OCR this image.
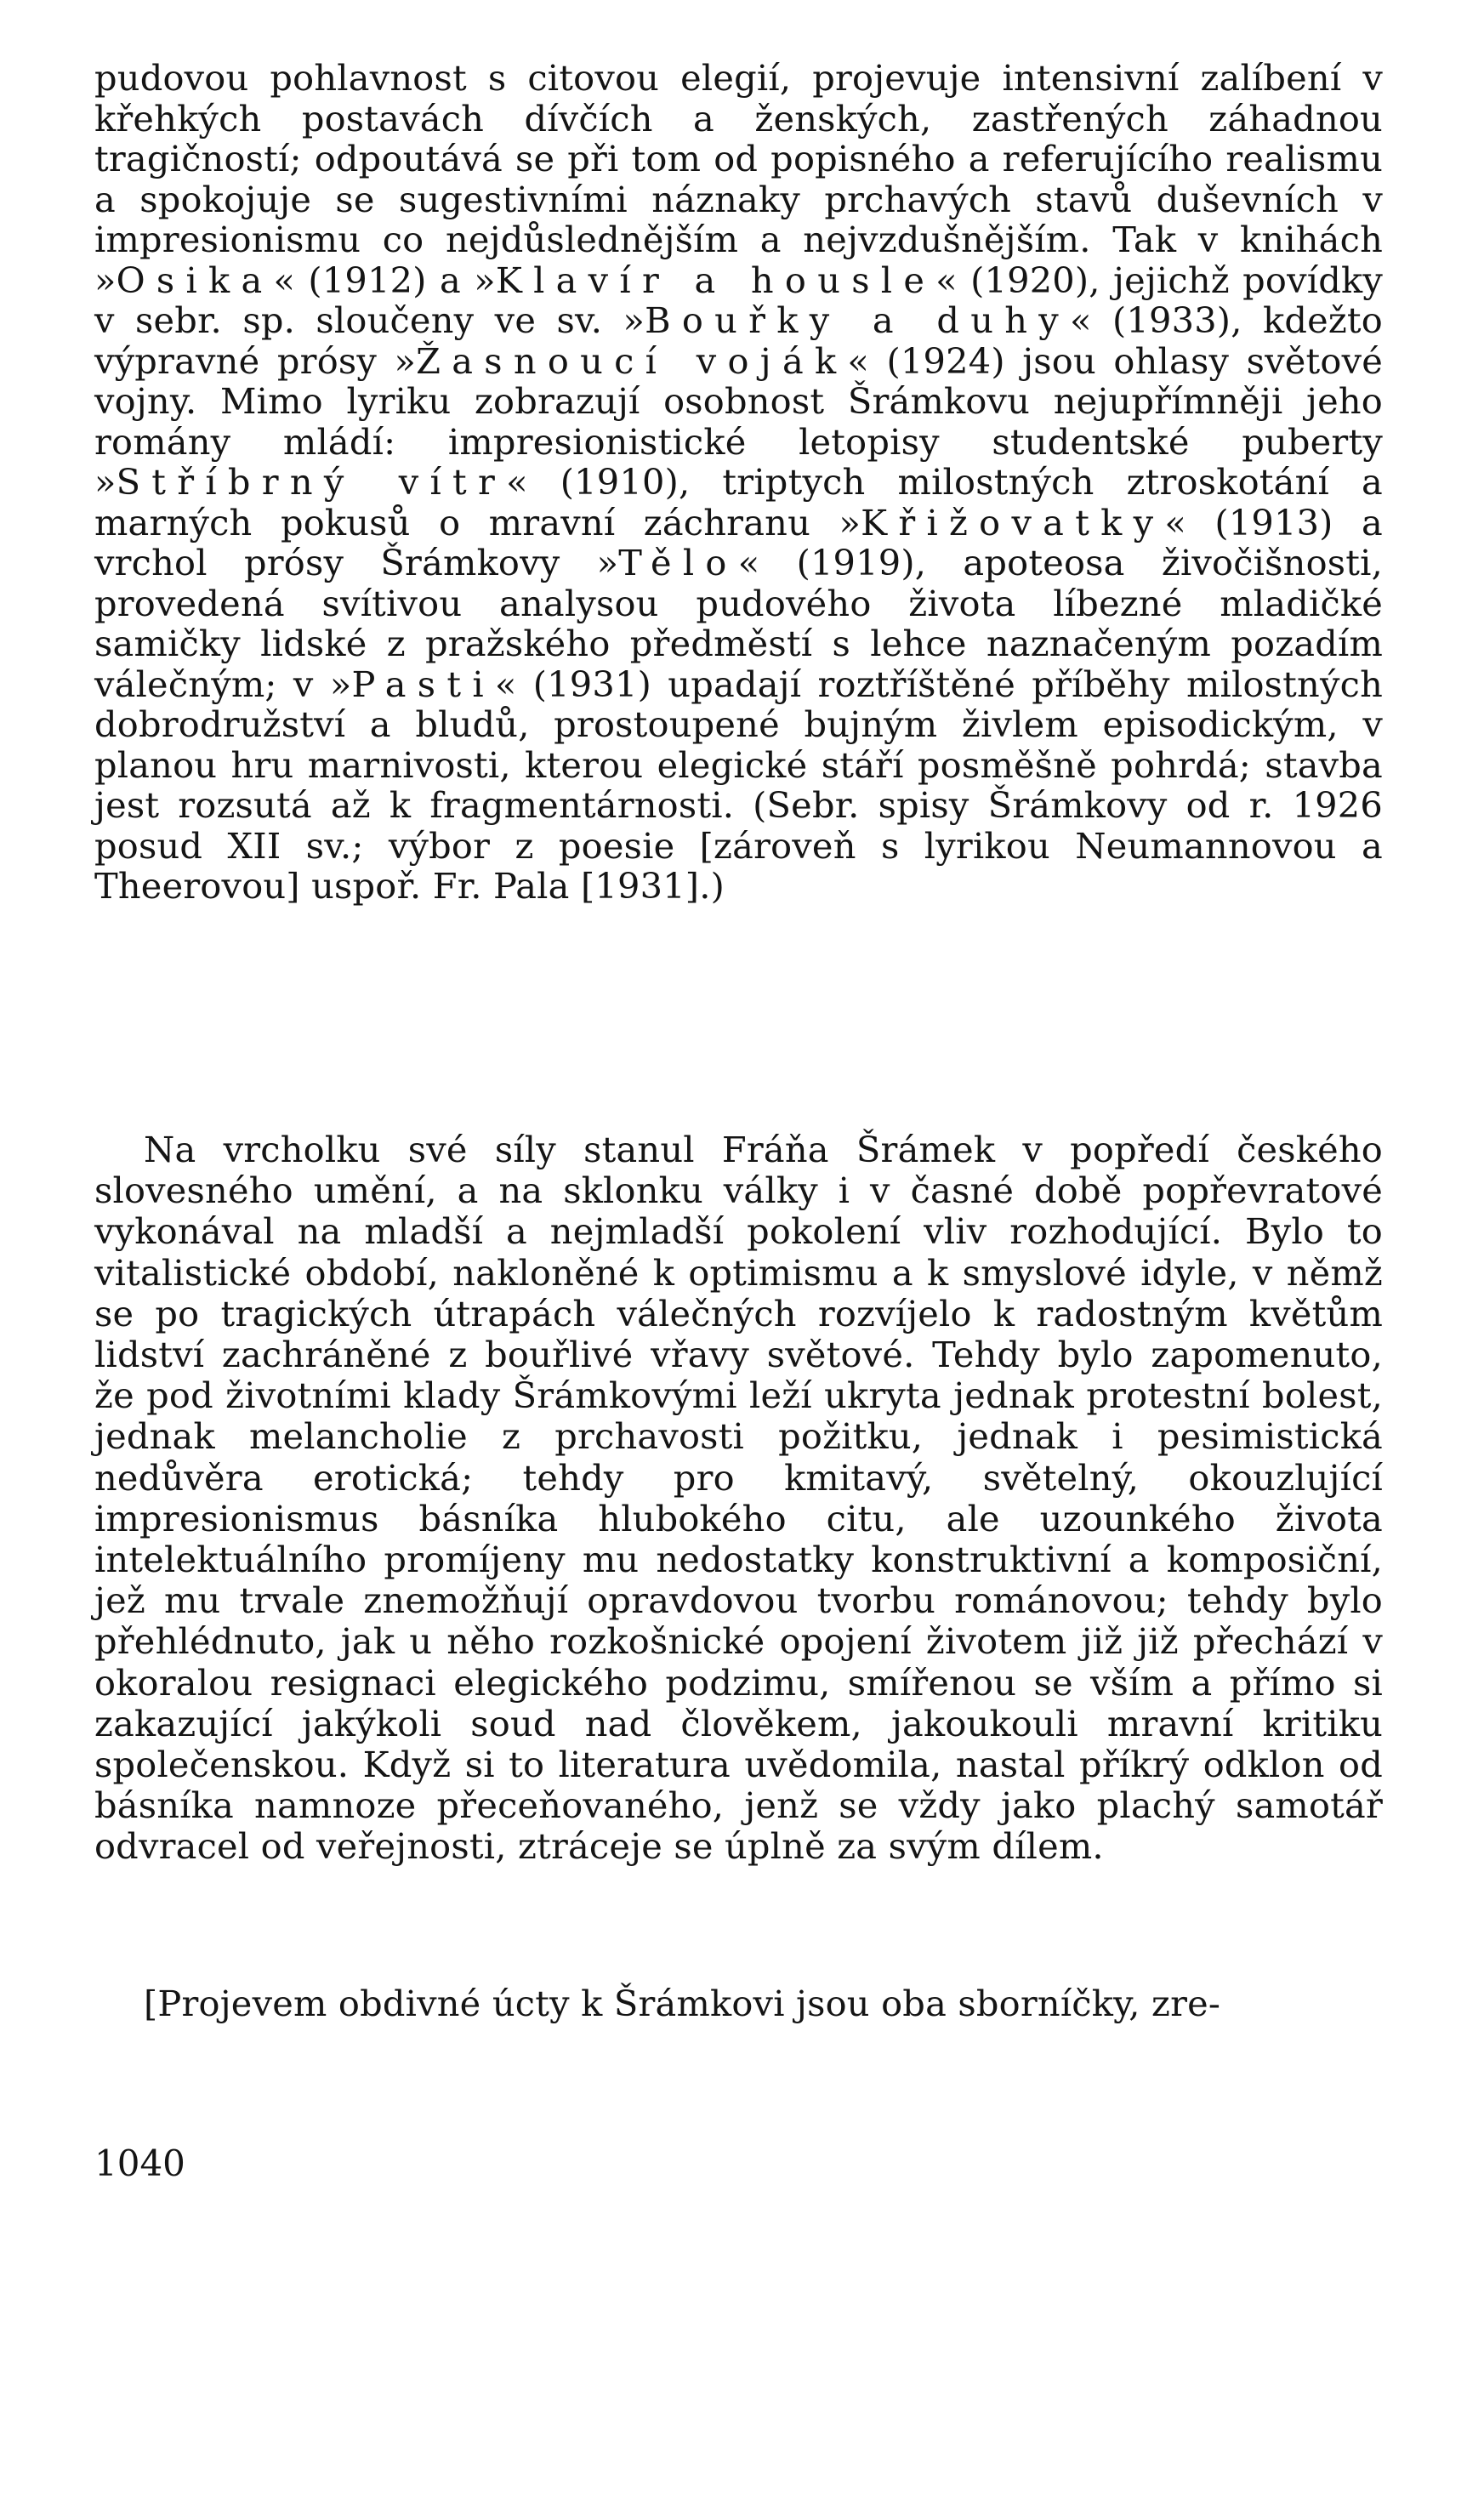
pudovou pohlavnost s citovou elegií, projevuje intensivní zalíbení v křehkých postavách dívčích a ženských, zastřených záhadnou tragičností; odpoutává se při tom od popisného a referujícího realismu a spokojuje se sugestivními náznaky prchavých stavů duševních v impresionismu co nejdůslednějším a nejvzdušnějším. Tak v knihách »Osika« (1912) a »Klavír a housle« (1920), jejichž povídky v sebr. sp. sloučeny ve sv. »Bouřky a duhy« (1933), kdežto výpravné prósy »Žasnoucí voják« (1924) jsou ohlasy světové vojny. Mimo lyriku zobrazují osobnost Šrámkovu nejupřímněji jeho romány mládí: impresionistické letopisy studentské puberty »Stříbrný vítr« (1910), triptych milostných ztroskotání a marných pokusů o mravní záchranu »Křižovatky« (1913) a vrchol prósy Šrámkovy »Tělo« (1919), apoteosa živočišnosti, provedená svítivou analysou pudového života líbezné mladičké samičky lidské z pražského předměstí s lehce naznačeným pozadím válečným; v »Pasti« (1931) upadají roztříštěné příběhy milostných dobrodružství a bludů, prostoupené bujným živlem episodickým, v planou hru marnivosti, kterou elegické stáří posměšně pohrdá; stavba jest rozsutá až k fragmentárnosti. (Sebr. spisy Šrámkovy od r. 1926 posud XII sv.; výbor z poesie [zároveň s lyrikou Neumannovou a Theerovou] uspoř. Fr. Pala [1931].)

Na vrcholku své síly stanul Fráňa Šrámek v popředí českého slovesného umění, a na sklonku války i v časné době popřevratové vykonával na mladší a nejmladší pokolení vliv rozhodující. Bylo to vitalistické období, nakloněné k optimismu a k smyslové idyle, v němž se po tragických útrapách válečných rozvíjelo k radostným květům lidství zachráněné z bouřlivé vřavy světové. Tehdy bylo zapomenuto, že pod životními klady Šrámkovými leží ukryta jednak protestní bolest, jednak melancholie z prchavosti požitku, jednak i pesimistická nedůvěra erotická; tehdy pro kmitavý, světelný, okouzlující impresionismus básníka hlubokého citu, ale uzounkého života intelektuálního promíjeny mu nedostatky konstruktivní a komposiční, jež mu trvale znemožňují opravdovou tvorbu románovou; tehdy bylo přehlédnuto, jak u něho rozkošnické opojení životem již již přechází v okoralou resignaci elegického podzimu, smířenou se vším a přímo si zakazující jakýkoli soud nad člověkem, jakoukouli mravní kritiku společenskou. Když si to literatura uvědomila, nastal příkrý odklon od básníka namnoze přeceňovaného, jenž se vždy jako plachý samotář odvracel od veřejnosti, ztráceje se úplně za svým dílem.

[Projevem obdivné úcty k Šrámkovi jsou oba sborníčky, zre-

1040
